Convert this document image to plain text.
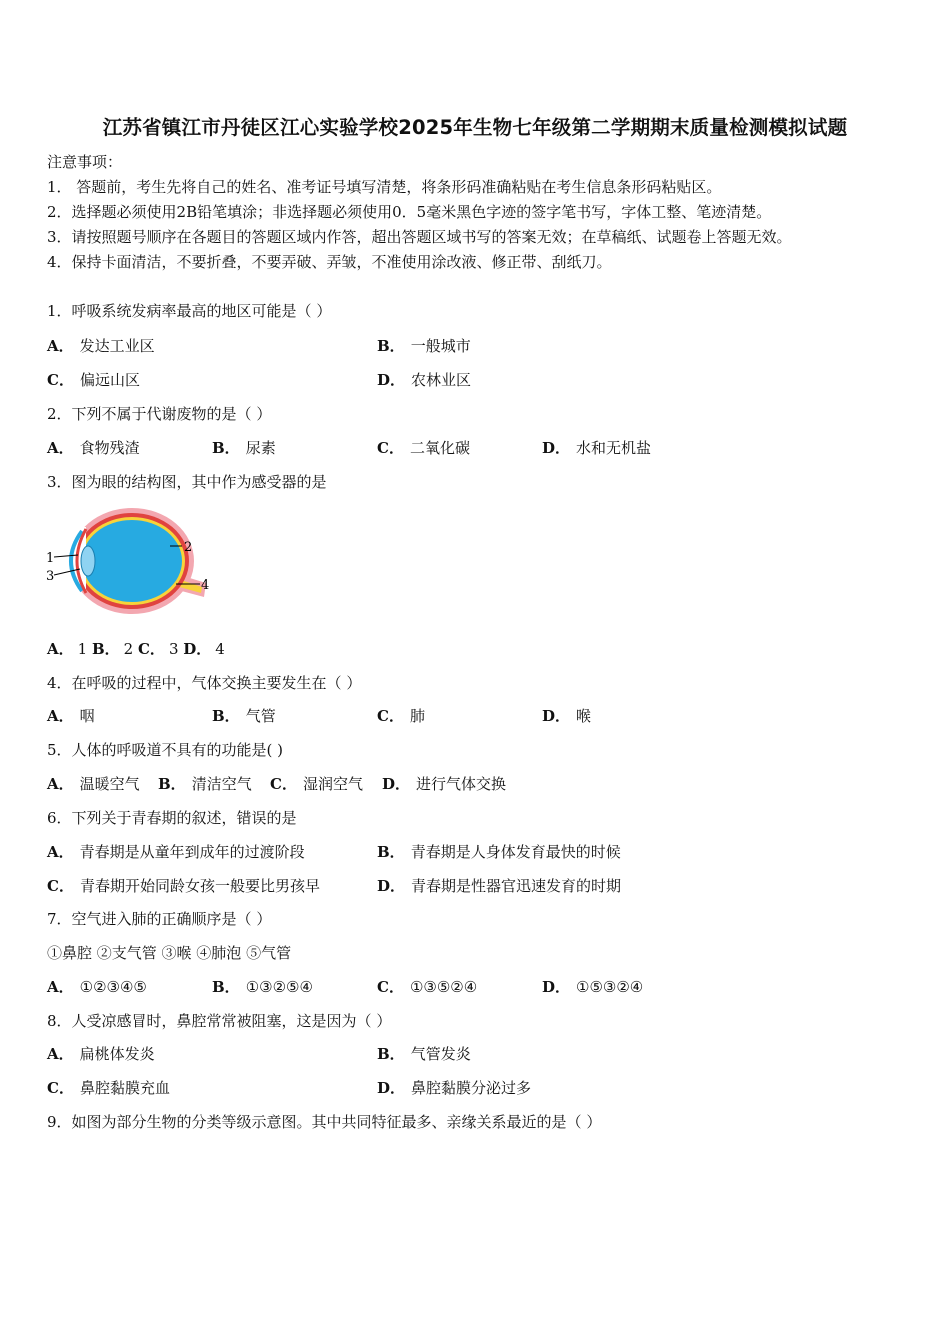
江苏省镇江市丹徒区江心实验学校2025年生物七年级第二学期期末质量检测模拟试题
注意事项：
1． 答题前，考生先将自己的姓名、准考证号填写清楚，将条形码准确粘贴在考生信息条形码粘贴区。
2．选择题必须使用2B铅笔填涂；非选择题必须使用0．5毫米黑色字迹的签字笔书写，字体工整、笔迹清楚。
3．请按照题号顺序在各题目的答题区域内作答，超出答题区域书写的答案无效；在草稿纸、试题卷上答题无效。
4．保持卡面清洁，不要折叠，不要弄破、弄皱，不准使用涂改液、修正带、刮纸刀。
1．呼吸系统发病率最高的地区可能是（ ）
A． 发达工业区	B． 一般城市
C． 偏远山区	D． 农林业区
2．下列不属于代谢废物的是（ ）
A． 食物残渣	B． 尿素	C． 二氧化碳	D． 水和无机盐
3．图为眼的结构图，其中作为感受器的是
1
2
3
4
A． 1 B． 2 C． 3 D． 4
4．在呼吸的过程中，气体交换主要发生在（ ）
A． 咽	B． 气管	C． 肺	D． 喉
5．人体的呼吸道不具有的功能是( )
A． 温暖空气 B． 清洁空气 C． 湿润空气 D． 进行气体交换
6．下列关于青春期的叙述，错误的是
A． 青春期是从童年到成年的过渡阶段	B． 青春期是人身体发育最快的时候
C． 青春期开始同龄女孩一般要比男孩早	D． 青春期是性器官迅速发育的时期
7．空气进入肺的正确顺序是（ ）
①鼻腔 ②支气管 ③喉 ④肺泡 ⑤气管
A． ①②③④⑤	B． ①③②⑤④	C． ①③⑤②④	D． ①⑤③②④
8．人受凉感冒时，鼻腔常常被阻塞，这是因为（ ）
A． 扁桃体发炎	B． 气管发炎
C． 鼻腔黏膜充血	D． 鼻腔黏膜分泌过多
9．如图为部分生物的分类等级示意图。其中共同特征最多、亲缘关系最近的是（ ）
